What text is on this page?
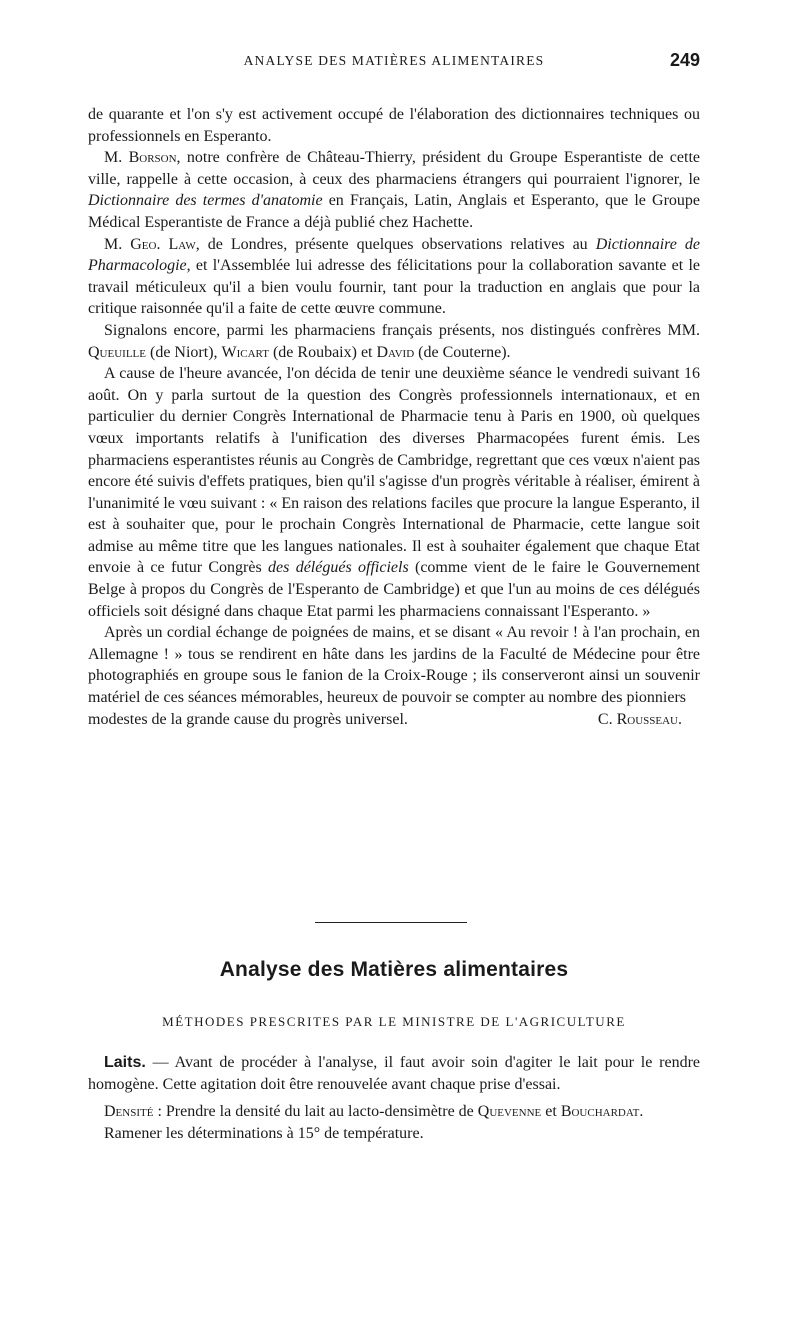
ANALYSE DES MATIÈRES ALIMENTAIRES	249

de quarante et l'on s'y est activement occupé de l'élaboration des dictionnaires techniques ou professionnels en Esperanto.

M. Borson, notre confrère de Château-Thierry, président du Groupe Esperantiste de cette ville, rappelle à cette occasion, à ceux des pharmaciens étrangers qui pourraient l'ignorer, le Dictionnaire des termes d'anatomie en Français, Latin, Anglais et Esperanto, que le Groupe Médical Esperantiste de France a déjà publié chez Hachette.

M. Geo. Law, de Londres, présente quelques observations relatives au Dictionnaire de Pharmacologie, et l'Assemblée lui adresse des félicitations pour la collaboration savante et le travail méticuleux qu'il a bien voulu fournir, tant pour la traduction en anglais que pour la critique raisonnée qu'il a faite de cette œuvre commune.

Signalons encore, parmi les pharmaciens français présents, nos distingués confrères MM. Queuille (de Niort), Wicart (de Roubaix) et David (de Couterne).

A cause de l'heure avancée, l'on décida de tenir une deuxième séance le vendredi suivant 16 août. On y parla surtout de la question des Congrès professionnels internationaux, et en particulier du dernier Congrès International de Pharmacie tenu à Paris en 1900, où quelques vœux importants relatifs à l'unification des diverses Pharmacopées furent émis. Les pharmaciens esperantistes réunis au Congrès de Cambridge, regrettant que ces vœux n'aient pas encore été suivis d'effets pratiques, bien qu'il s'agisse d'un progrès véritable à réaliser, émirent à l'unanimité le vœu suivant : « En raison des relations faciles que procure la langue Esperanto, il est à souhaiter que, pour le prochain Congrès International de Pharmacie, cette langue soit admise au même titre que les langues nationales. Il est à souhaiter également que chaque Etat envoie à ce futur Congrès des délégués officiels (comme vient de le faire le Gouvernement Belge à propos du Congrès de l'Esperanto de Cambridge) et que l'un au moins de ces délégués officiels soit désigné dans chaque Etat parmi les pharmaciens connaissant l'Esperanto. »

Après un cordial échange de poignées de mains, et se disant « Au revoir ! à l'an prochain, en Allemagne ! » tous se rendirent en hâte dans les jardins de la Faculté de Médecine pour être photographiés en groupe sous le fanion de la Croix-Rouge ; ils conserveront ainsi un souvenir matériel de ces séances mémorables, heureux de pouvoir se compter au nombre des pionniers

modestes de la grande cause du progrès universel.	C. Rousseau.
Analyse des Matières alimentaires
MÉTHODES PRESCRITES PAR LE MINISTRE DE L'AGRICULTURE

Laits. — Avant de procéder à l'analyse, il faut avoir soin d'agiter le lait pour le rendre homogène. Cette agitation doit être renouvelée avant chaque prise d'essai.

Densité : Prendre la densité du lait au lacto-densimètre de Quevenne et Bouchardat.

Ramener les déterminations à 15° de température.
